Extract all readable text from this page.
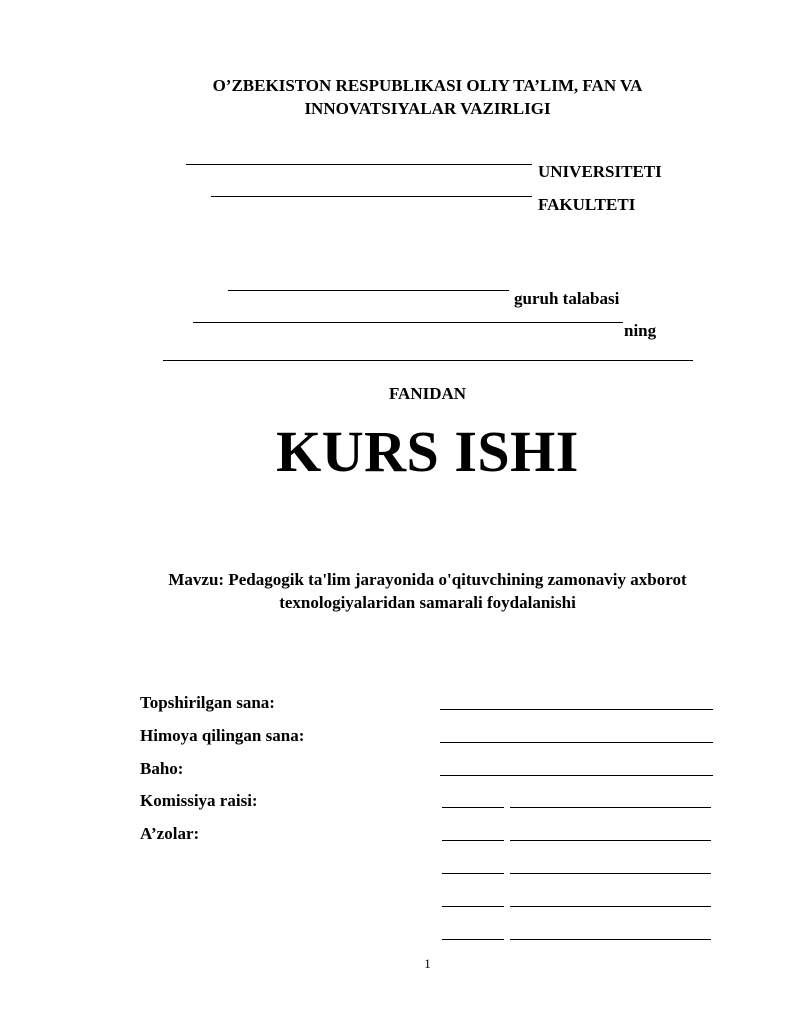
O’ZBEKISTON RESPUBLIKASI OLIY TA’LIM, FAN VA
INNOVATSIYALAR VAZIRLIGI
UNIVERSITETI
FAKULTETI
guruh talabasi
ning
FANIDAN
KURS ISHI
Mavzu: Pedagogik ta'lim jarayonida o'qituvchining zamonaviy axborot
texnologiyalaridan samarali foydalanishi
Topshirilgan sana:
Himoya qilingan sana:
Baho:
Komissiya raisi:
A’zolar:
1
